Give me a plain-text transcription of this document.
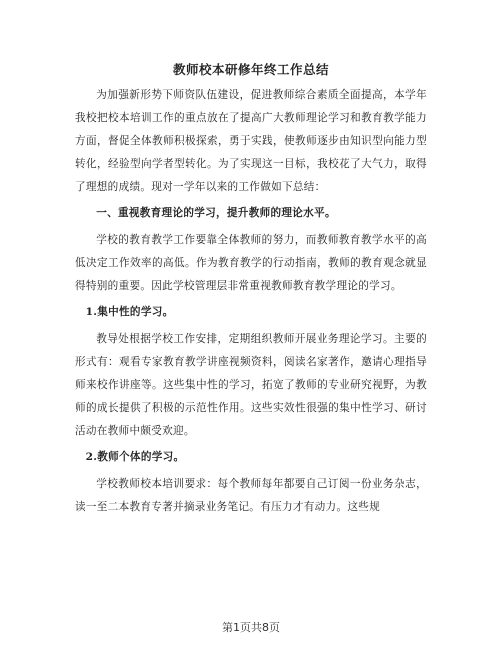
教师校本研修年终工作总结

为加强新形势下师资队伍建设，促进教师综合素质全面提高，本学年我校把校本培训工作的重点放在了提高广大教师理论学习和教育教学能力方面，督促全体教师积极探索，勇于实践，使教师逐步由知识型向能力型转化，经验型向学者型转化。为了实现这一目标，我校花了大气力，取得了理想的成绩。现对一学年以来的工作做如下总结：

一、重视教育理论的学习，提升教师的理论水平。

学校的教育教学工作要靠全体教师的努力，而教师教育教学水平的高低决定工作效率的高低。作为教育教学的行动指南，教师的教育观念就显得特别的重要。因此学校管理层非常重视教师教育教学理论的学习。

1.集中性的学习。

教导处根据学校工作安排，定期组织教师开展业务理论学习。主要的形式有：观看专家教育教学讲座视频资料，阅读名家著作，邀请心理指导师来校作讲座等。这些集中性的学习，拓宽了教师的专业研究视野，为教师的成长提供了积极的示范性作用。这些实效性很强的集中性学习、研讨活动在教师中颇受欢迎。

2.教师个体的学习。

学校教师校本培训要求：每个教师每年都要自己订阅一份业务杂志，读一至二本教育专著并摘录业务笔记。有压力才有动力。这些规

第1页共8页
